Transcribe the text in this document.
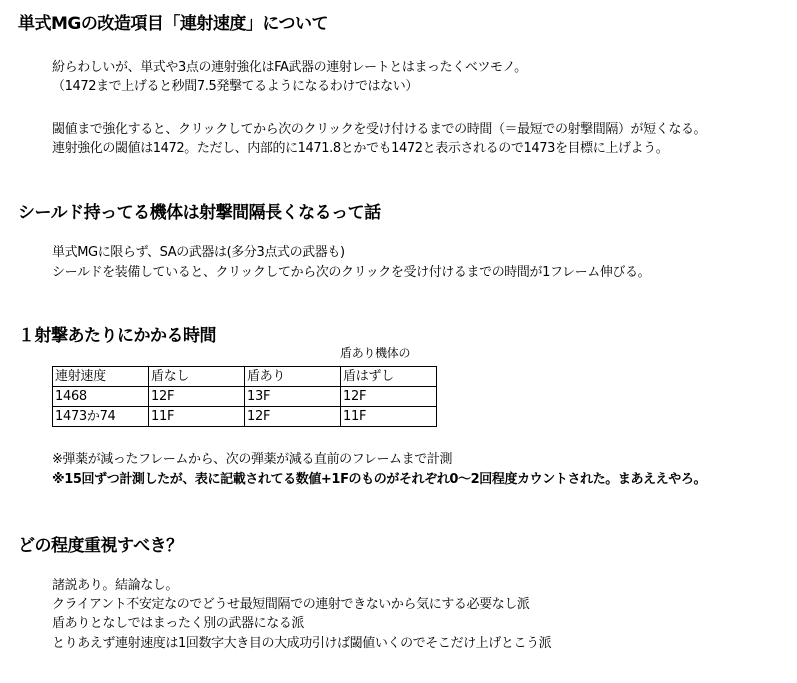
単式MGの改造項目「連射速度」について
紛らわしいが、単式や3点の連射強化はFA武器の連射レートとはまったくベツモノ。
（1472まで上げると秒間7.5発撃てるようになるわけではない）
閾値まで強化すると、クリックしてから次のクリックを受け付けるまでの時間（＝最短での射撃間隔）が短くなる。
連射強化の閾値は1472。ただし、内部的に1471.8とかでも1472と表示されるので1473を目標に上げよう。
シールド持ってる機体は射撃間隔長くなるって話
単式MGに限らず、SAの武器は(多分3点式の武器も)
シールドを装備していると、クリックしてから次のクリックを受け付けるまでの時間が1フレーム伸びる。
１射撃あたりにかかる時間
盾あり機体の
連射速度	盾なし	盾あり	盾はずし
1468	12F	13F	12F
1473か74	11F	12F	11F
※弾薬が減ったフレームから、次の弾薬が減る直前のフレームまで計測
※15回ずつ計測したが、表に記載されてる数値+1Fのものがそれぞれ0～2回程度カウントされた。まあええやろ。
どの程度重視すべき？
諸説あり。結論なし。
クライアント不安定なのでどうせ最短間隔での連射できないから気にする必要なし派
盾ありとなしではまったく別の武器になる派
とりあえず連射速度は1回数字大き目の大成功引けば閾値いくのでそこだけ上げとこう派
